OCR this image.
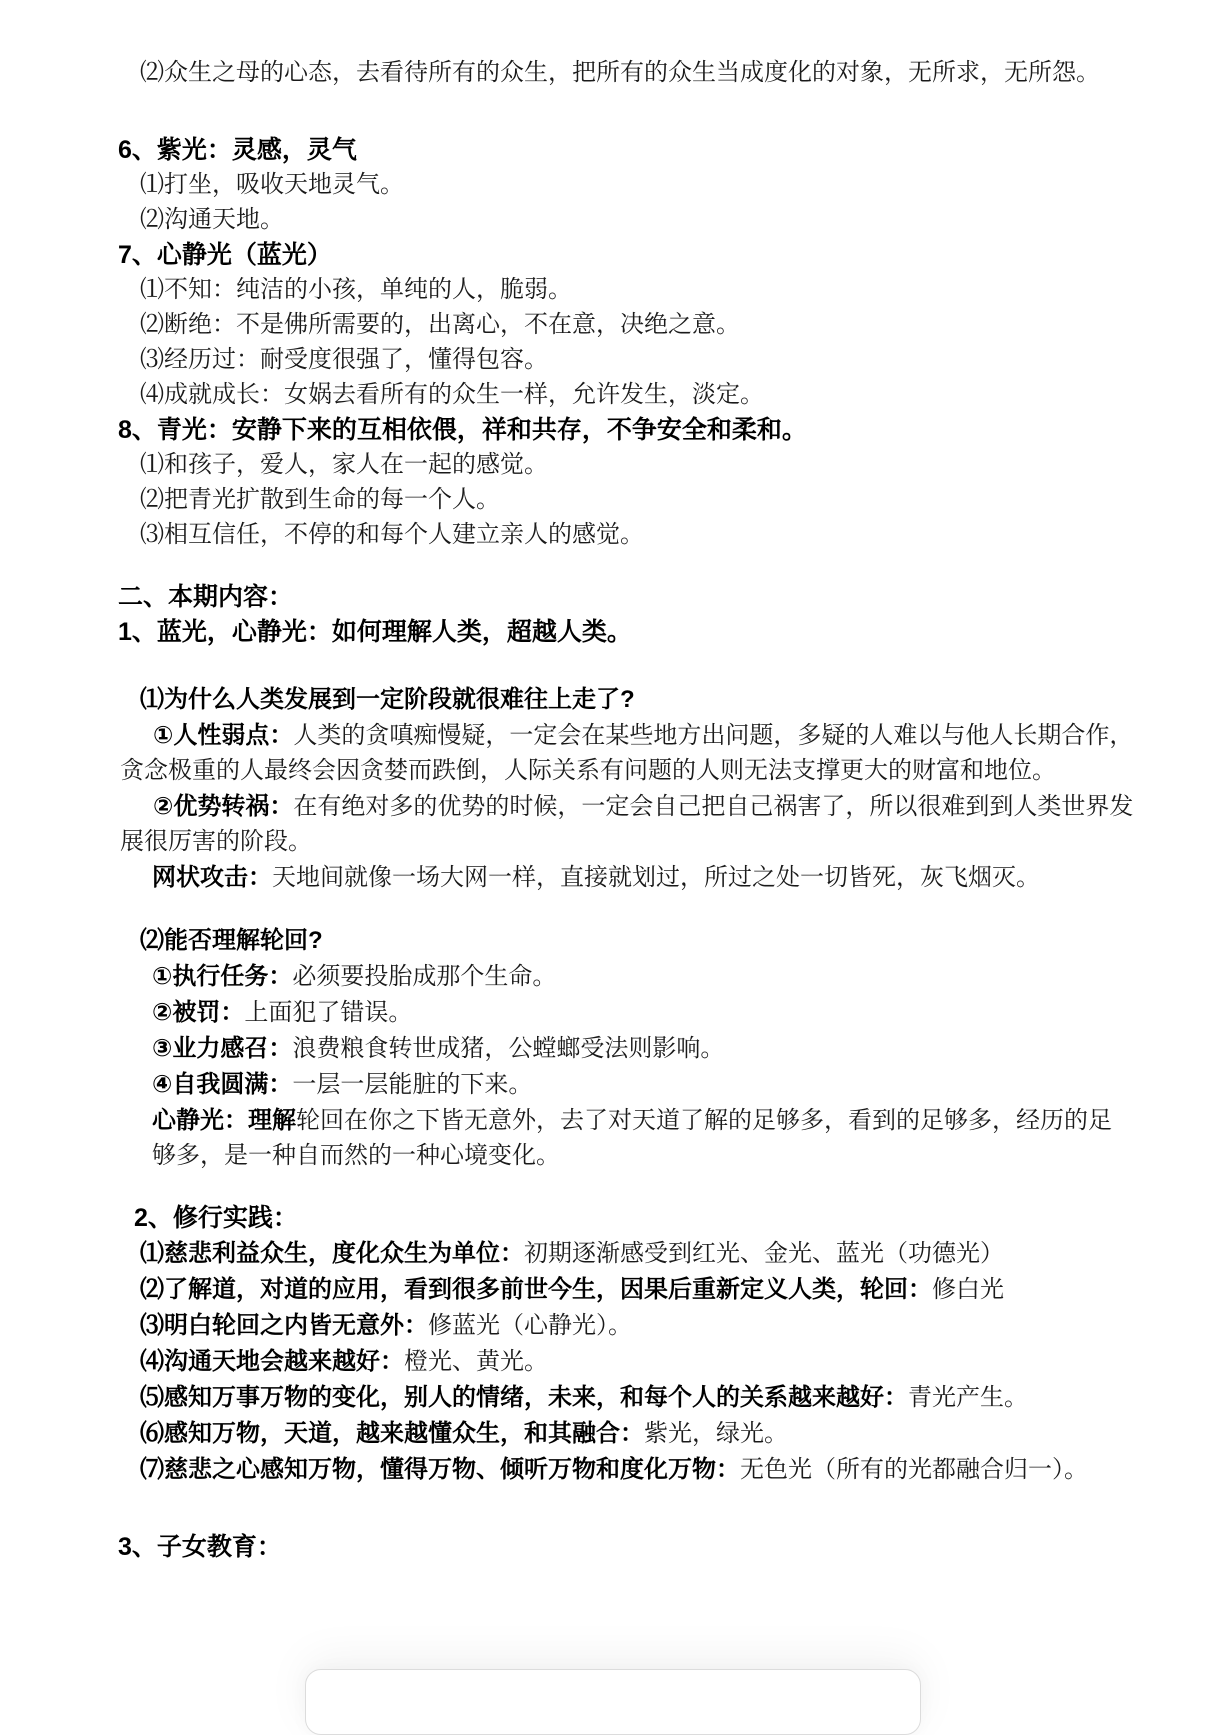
⑵众生之母的心态，去看待所有的众生，把所有的众生当成度化的对象，无所求，无所怨。
6、紫光：灵感，灵气
⑴打坐，吸收天地灵气。
⑵沟通天地。
7、心静光（蓝光）
⑴不知：纯洁的小孩，单纯的人，脆弱。
⑵断绝：不是佛所需要的，出离心，不在意，决绝之意。
⑶经历过：耐受度很强了，懂得包容。
⑷成就成长：女娲去看所有的众生一样，允许发生，淡定。
8、青光：安静下来的互相依偎，祥和共存，不争安全和柔和。
⑴和孩子，爱人，家人在一起的感觉。
⑵把青光扩散到生命的每一个人。
⑶相互信任，不停的和每个人建立亲人的感觉。
二、本期内容：
1、蓝光，心静光：如何理解人类，超越人类。
⑴为什么人类发展到一定阶段就很难往上走了?
①人性弱点：人类的贪嗔痴慢疑，一定会在某些地方出问题，多疑的人难以与他人长期合作，贪念极重的人最终会因贪婪而跌倒，人际关系有问题的人则无法支撑更大的财富和地位。
②优势转祸：在有绝对多的优势的时候，一定会自己把自己祸害了，所以很难到到人类世界发展很厉害的阶段。
网状攻击：天地间就像一场大网一样，直接就划过，所过之处一切皆死，灰飞烟灭。
⑵能否理解轮回?
①执行任务：必须要投胎成那个生命。
②被罚：上面犯了错误。
③业力感召：浪费粮食转世成猪，公螳螂受法则影响。
④自我圆满：一层一层能脏的下来。
心静光：理解轮回在你之下皆无意外，去了对天道了解的足够多，看到的足够多，经历的足够多，是一种自而然的一种心境变化。
2、修行实践：
⑴慈悲利益众生，度化众生为单位：初期逐渐感受到红光、金光、蓝光（功德光）
⑵了解道，对道的应用，看到很多前世今生，因果后重新定义人类，轮回：修白光
⑶明白轮回之内皆无意外：修蓝光（心静光）。
⑷沟通天地会越来越好：橙光、黄光。
⑸感知万事万物的变化，别人的情绪，未来，和每个人的关系越来越好：青光产生。
⑹感知万物，天道，越来越懂众生，和其融合：紫光，绿光。
⑺慈悲之心感知万物，懂得万物、倾听万物和度化万物：无色光（所有的光都融合归一）。
3、子女教育：
